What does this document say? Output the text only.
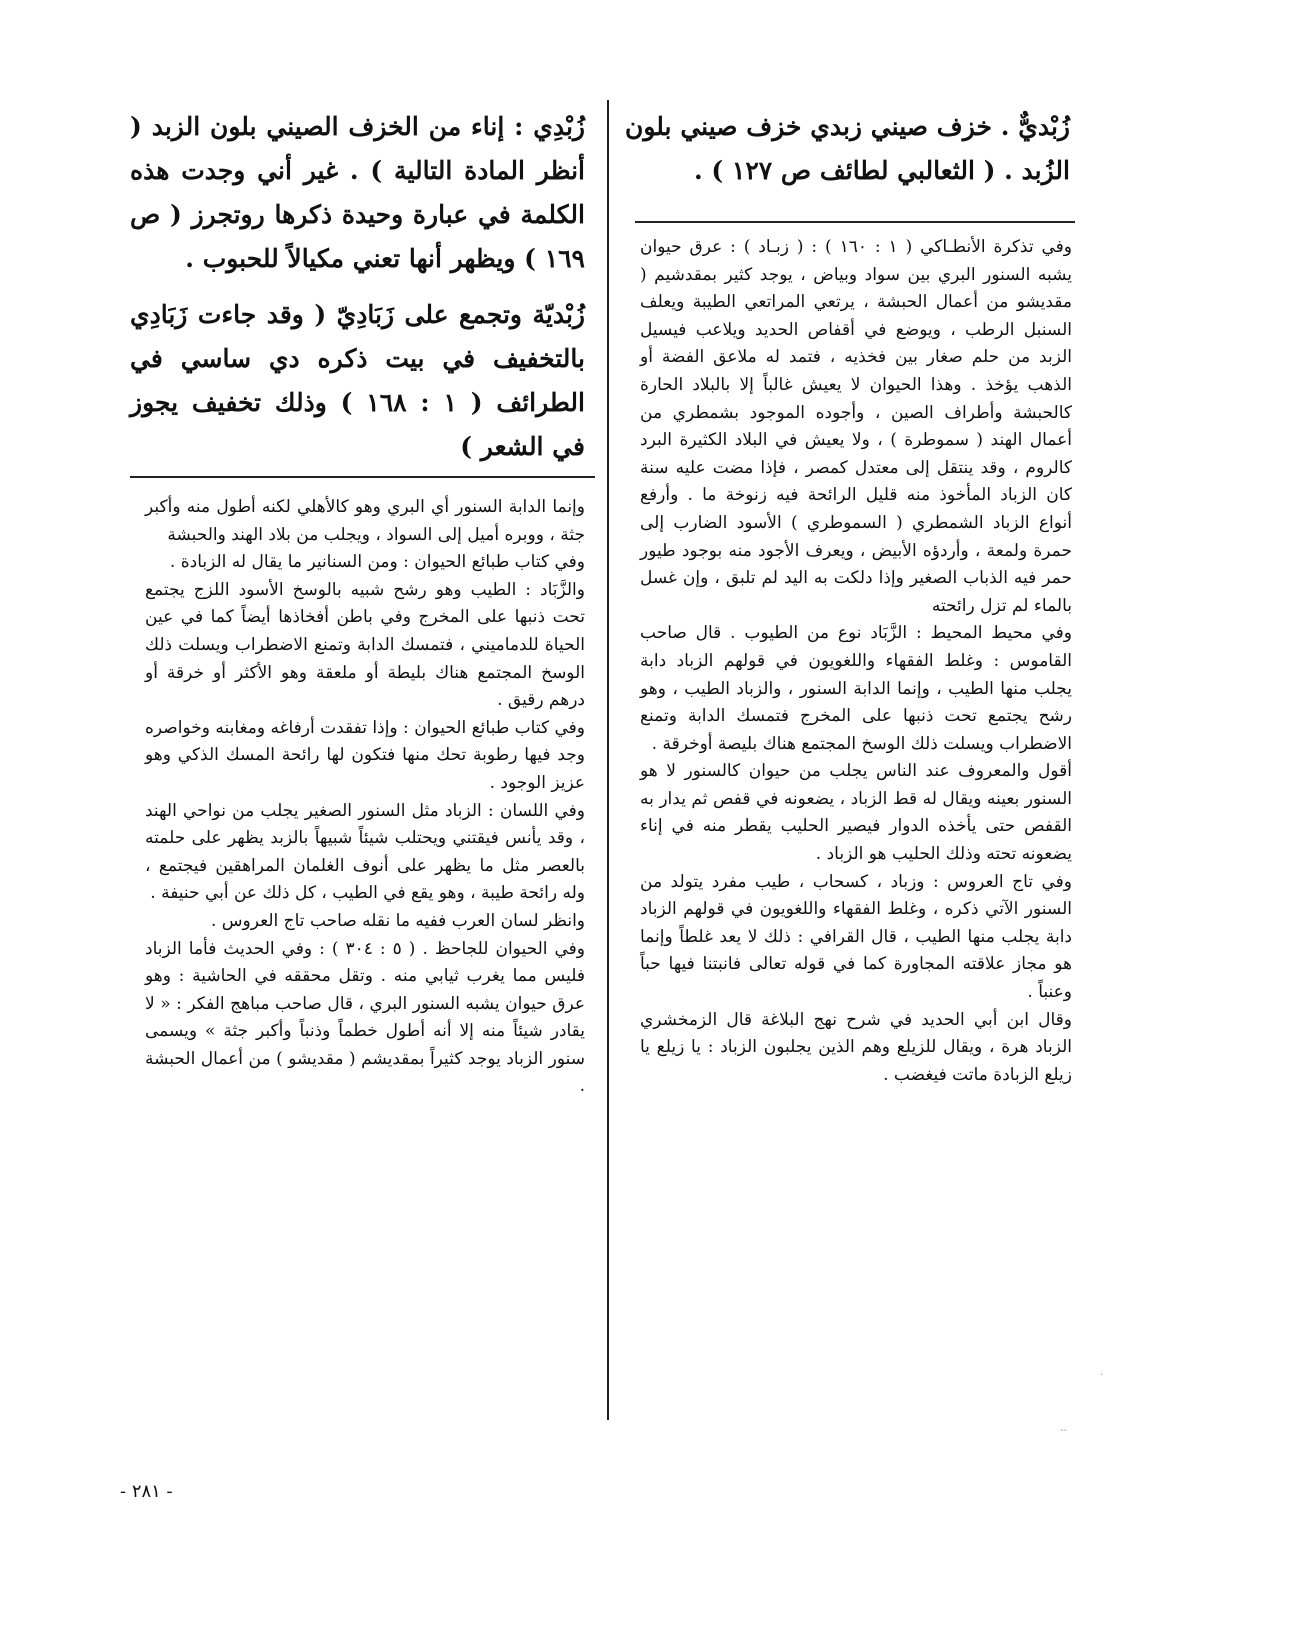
زُبْديٌّ . خزف صيني زبدي خزف صيني بلون الزُبد . ( الثعالبي لطائف ص ١٢٧ ) .

وفي تذكرة الأنطـاكي ( ١ : ١٦٠ ) : ( زبـاد ) : عرق حيوان يشبه السنور البري بين سواد وبياض ، يوجد كثير بمقدشيم ( مقديشو من أعمال الحبشة ، يرتعي المراتعي الطيبة ويعلف السنبل الرطب ، ويوضع في أقفاص الحديد ويلاعب فيسيل الزبد من حلم صغار بين فخذيه ، فتمد له ملاعق الفضة أو الذهب يؤخذ . وهذا الحيوان لا يعيش غالباً إلا بالبلاد الحارة كالحبشة وأطراف الصين ، وأجوده الموجود بشمطري من أعمال الهند ( سموطرة ) ، ولا يعيش في البلاد الكثيرة البرد كالروم ، وقد ينتقل إلى معتدل كمصر ، فإذا مضت عليه سنة كان الزباد المأخوذ منه قليل الرائحة فيه زنوخة ما . وأرفع أنواع الزباد الشمطري ( السموطري ) الأسود الضارب إلى حمرة ولمعة ، وأردؤه الأبيض ، ويعرف الأجود منه بوجود طيور حمر فيه الذباب الصغير وإذا دلكت به اليد لم تلبق ، وإن غسل بالماء لم تزل رائحته

وفي محيط المحيط : الزَّبَاد نوع من الطيوب . قال صاحب القاموس : وغلط الفقهاء واللغويون في قولهم الزباد دابة يجلب منها الطيب ، وإنما الدابة السنور ، والزباد الطيب ، وهو رشح يجتمع تحت ذنبها على المخرج فتمسك الدابة وتمنع الاضطراب ويسلت ذلك الوسخ المجتمع هناك بليصة أوخرقة .

أقول والمعروف عند الناس يجلب من حيوان كالسنور لا هو السنور بعينه ويقال له قط الزباد ، يضعونه في قفص ثم يدار به القفص حتى يأخذه الدوار فيصير الحليب يقطر منه في إناء يضعونه تحته وذلك الحليب هو الزباد .

وفي تاج العروس : وزباد ، كسحاب ، طيب مفرد يتولد من السنور الآتي ذكره ، وغلط الفقهاء واللغويون في قولهم الزباد دابة يجلب منها الطيب ، قال القرافي : ذلك لا يعد غلطاً وإنما هو مجاز علاقته المجاورة كما في قوله تعالى فانبتنا فيها حباً وعنباً .

وقال ابن أبي الحديد في شرح نهج البلاغة قال الزمخشري الزباد هرة ، ويقال للزيلع وهم الذين يجلبون الزباد : يا زيلع يا زيلع الزبادة ماتت فيغضب .

زُبْدِي : إناء من الخزف الصيني بلون الزبد ( أنظر المادة التالية ) . غير أني وجدت هذه الكلمة في عبارة وحيدة ذكرها روتجرز ( ص ١٦٩ ) ويظهر أنها تعني مكيالاً للحبوب .

زُبْديّة وتجمع على زَبَادِيّ ( وقد جاءت زَبَادِي بالتخفيف في بيت ذكره دي ساسي في الطرائف ( ١ : ١٦٨ ) وذلك تخفيف يجوز في الشعر )

وإنما الدابة السنور أي البري وهو كالأهلي لكنه أطول منه وأكبر جثة ، ووبره أميل إلى السواد ، ويجلب من بلاد الهند والحبشة

وفي كتاب طبائع الحيوان : ومن السنانير ما يقال له الزبادة .

والزَّبَاد : الطيب وهو رشح شبيه بالوسخ الأسود اللزج يجتمع تحت ذنبها على المخرج وفي باطن أفخاذها أيضاً كما في عين الحياة للدماميني ، فتمسك الدابة وتمنع الاضطراب ويسلت ذلك الوسخ المجتمع هناك بليطة أو ملعقة وهو الأكثر أو خرقة أو درهم رقيق .

وفي كتاب طبائع الحيوان : وإذا تفقدت أرفاغه ومغابنه وخواصره وجد فيها رطوبة تحك منها فتكون لها رائحة المسك الذكي وهو عزيز الوجود .

وفي اللسان : الزباد مثل السنور الصغير يجلب من نواحي الهند ، وقد يأنس فيقتني ويحتلب شيئاً شبيهاً بالزبد يظهر على حلمته بالعصر مثل ما يظهر على أنوف الغلمان المراهقين فيجتمع ، وله رائحة طيبة ، وهو يقع في الطيب ، كل ذلك عن أبي حنيفة .

وانظر لسان العرب ففيه ما نقله صاحب تاج العروس .

وفي الحيوان للجاحظ . ( ٥ : ٣٠٤ ) : وفي الحديث فأما الزباد فليس مما يغرب ثيابي منه . وتقل محققه في الحاشية : وهو عرق حيوان يشبه السنور البري ، قال صاحب مباهج الفكر : « لا يقادر شيئاً منه إلا أنه أطول خطماً وذنباً وأكبر جثة » ويسمى سنور الزباد يوجد كثيراً بمقديشم ( مقديشو ) من أعمال الحبشة .

- ٢٨١ -
·
--
